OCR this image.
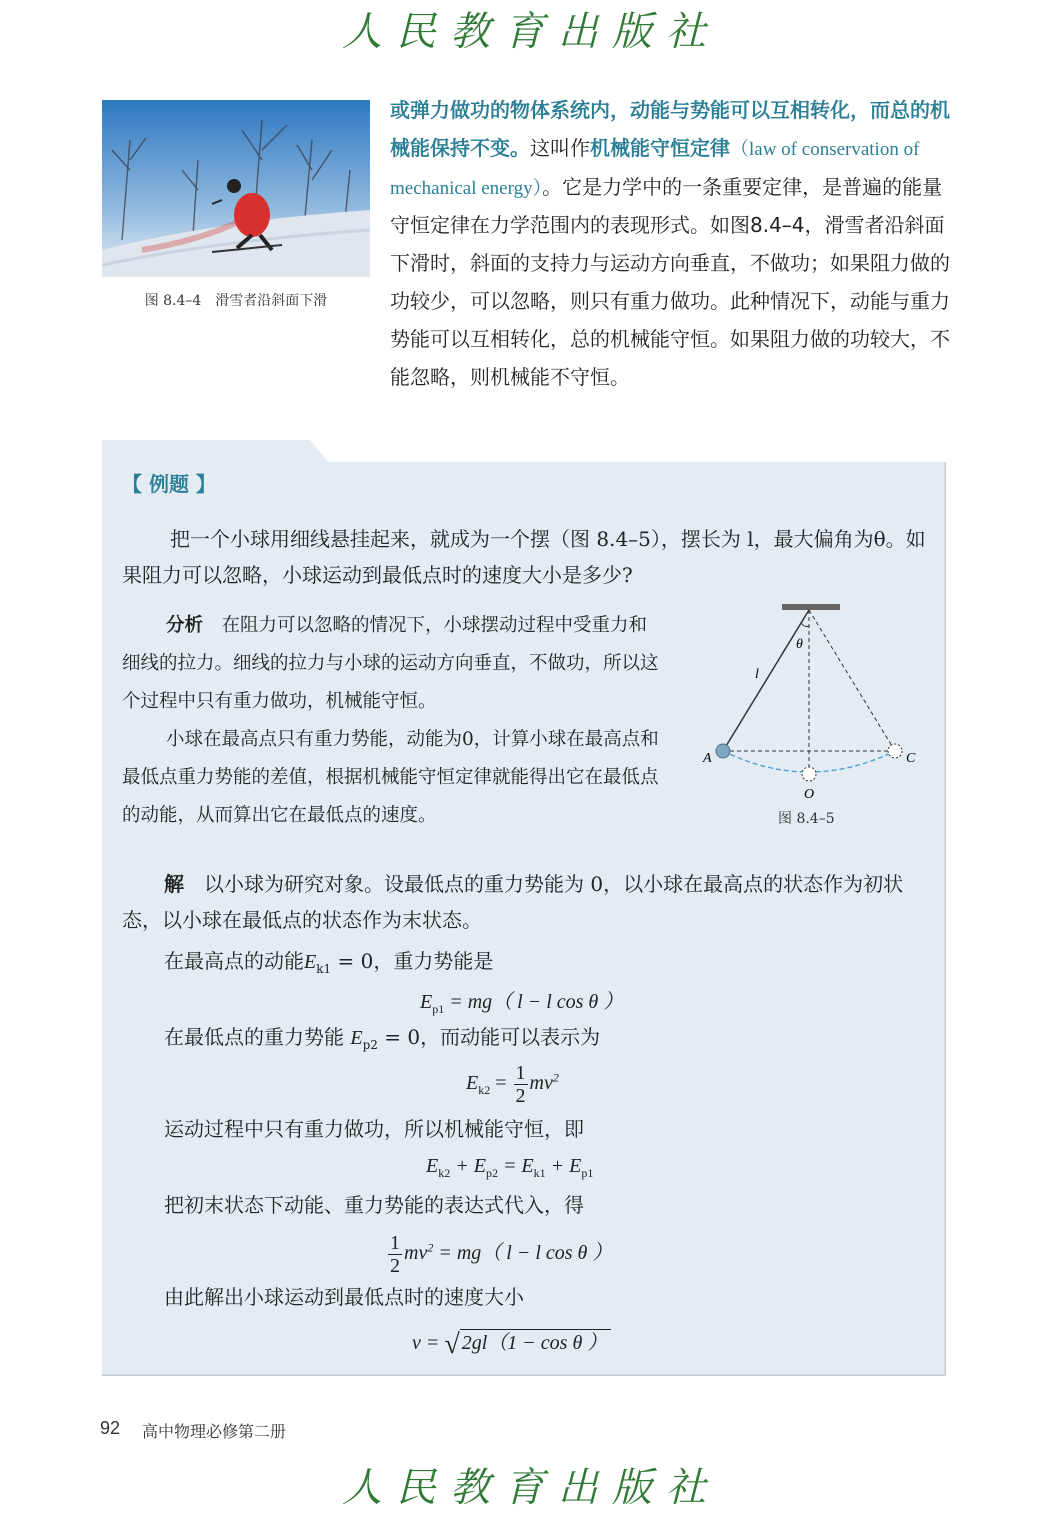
人民教育出版社
图 8.4–4　滑雪者沿斜面下滑
或弹力做功的物体系统内，动能与势能可以互相转化，而总的机械能保持不变。这叫作机械能守恒定律（law of conservation of mechanical energy）。它是力学中的一条重要定律，是普遍的能量守恒定律在力学范围内的表现形式。如图8.4–4，滑雪者沿斜面下滑时，斜面的支持力与运动方向垂直，不做功；如果阻力做的功较少，可以忽略，则只有重力做功。此种情况下，动能与重力势能可以互相转化，总的机械能守恒。如果阻力做的功较大，不能忽略，则机械能不守恒。
【 例题 】
把一个小球用细线悬挂起来，就成为一个摆（图 8.4–5），摆长为 l，最大偏角为θ。如果阻力可以忽略，小球运动到最低点时的速度大小是多少?
分析　 在阻力可以忽略的情况下，小球摆动过程中受重力和细线的拉力。细线的拉力与小球的运动方向垂直，不做功，所以这个过程中只有重力做功，机械能守恒。
小球在最高点只有重力势能，动能为0，计算小球在最高点和最低点重力势能的差值，根据机械能守恒定律就能得出它在最低点的动能，从而算出它在最低点的速度。
θ
l
A
O
C
图 8.4–5
解　 以小球为研究对象。设最低点的重力势能为 0，以小球在最高点的状态作为初状态，以小球在最低点的状态作为末状态。
在最高点的动能$E_{k1} = 0$，重力势能是
$E_{p1} = mg$（ l − l cos θ ）
在最低点的重力势能 $E_{p2} = 0$，而动能可以表示为
$E_{k2} = \frac{1}{2} mv^2$
运动过程中只有重力做功，所以机械能守恒，即
$E_{k2} + E_{p2} = E_{k1} + E_{p1}$
把初末状态下动能、重力势能的表达式代入，得
$\frac{1}{2} mv^2 = mg$（ l − l cos θ ）
由此解出小球运动到最低点时的速度大小
v = √ 2gl（1 − cos θ ）
92 高中物理必修第二册
人民教育出版社
